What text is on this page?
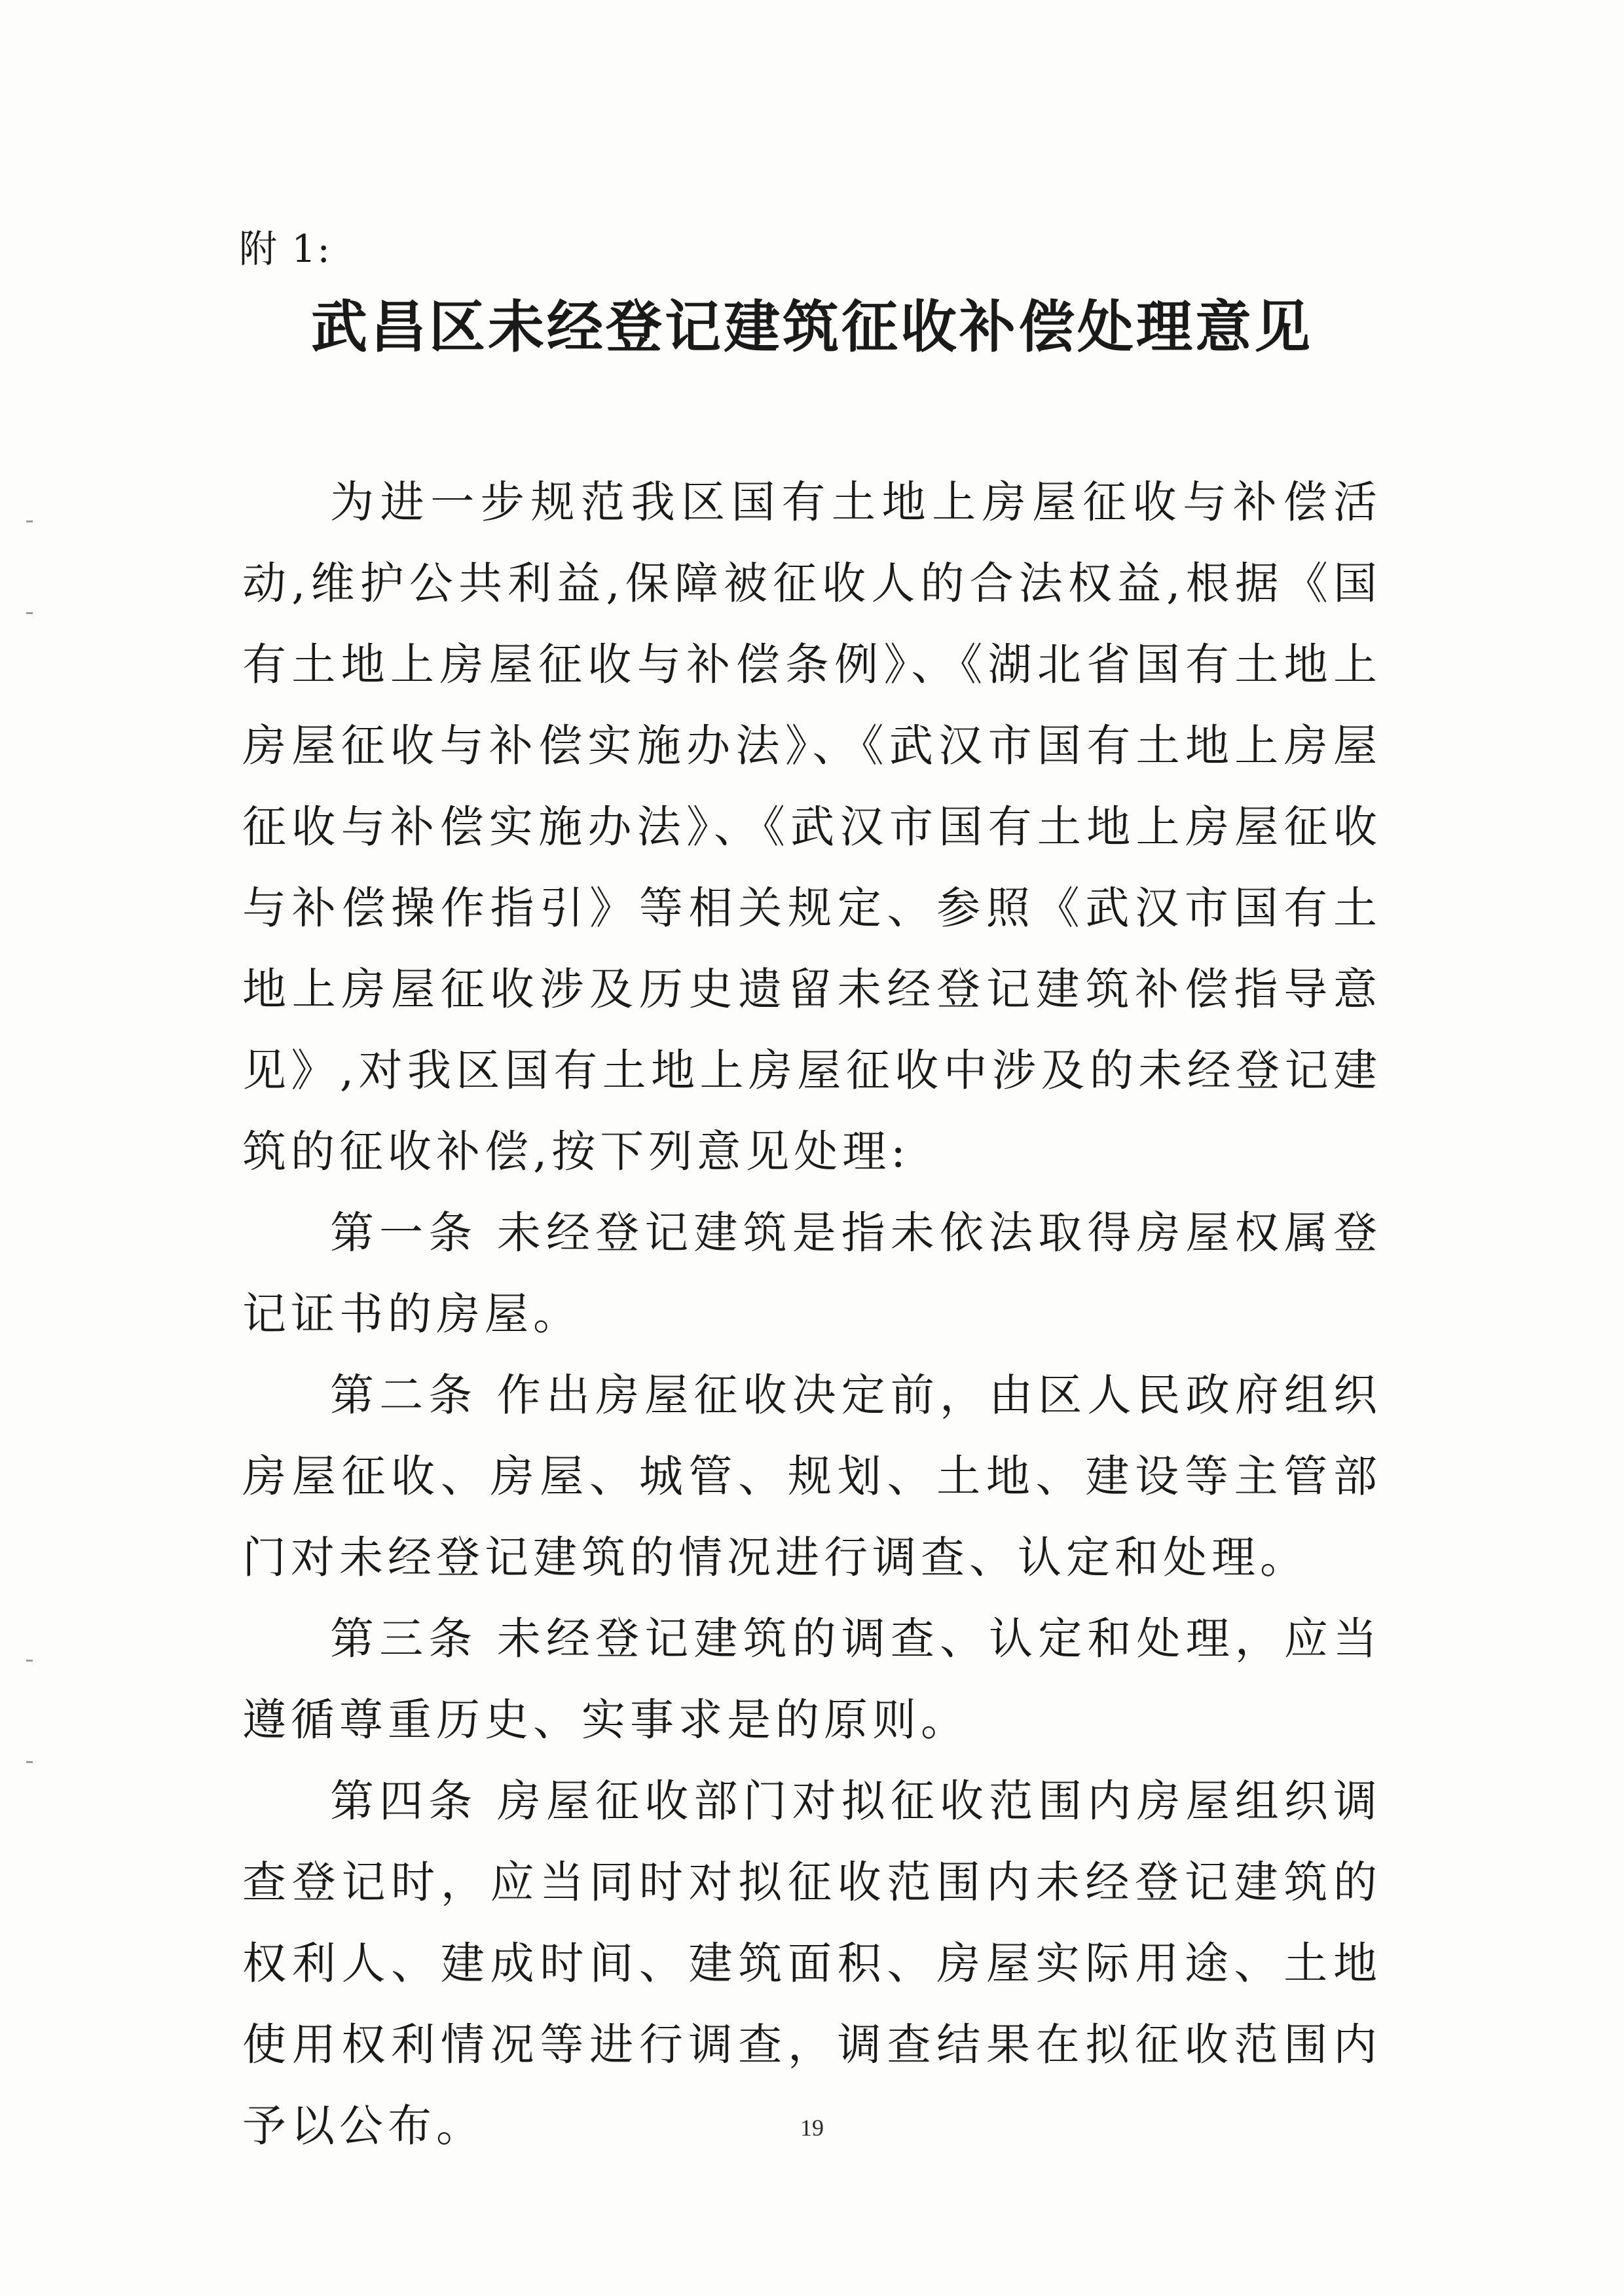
附 1:
武昌区未经登记建筑征收补偿处理意见

为进一步规范我区国有土地上房屋征收与补偿活动,维护公共利益,保障被征收人的合法权益,根据《国有土地上房屋征收与补偿条例》、《湖北省国有土地上房屋征收与补偿实施办法》、《武汉市国有土地上房屋征收与补偿实施办法》、《武汉市国有土地上房屋征收与补偿操作指引》等相关规定、参照《武汉市国有土地上房屋征收涉及历史遗留未经登记建筑补偿指导意见》,对我区国有土地上房屋征收中涉及的未经登记建筑的征收补偿,按下列意见处理:

第一条 未经登记建筑是指未依法取得房屋权属登记证书的房屋。

第二条 作出房屋征收决定前，由区人民政府组织房屋征收、房屋、城管、规划、土地、建设等主管部门对未经登记建筑的情况进行调查、认定和处理。

第三条 未经登记建筑的调查、认定和处理，应当遵循尊重历史、实事求是的原则。

第四条 房屋征收部门对拟征收范围内房屋组织调查登记时，应当同时对拟征收范围内未经登记建筑的权利人、建成时间、建筑面积、房屋实际用途、土地使用权利情况等进行调查，调查结果在拟征收范围内予以公布。	19
